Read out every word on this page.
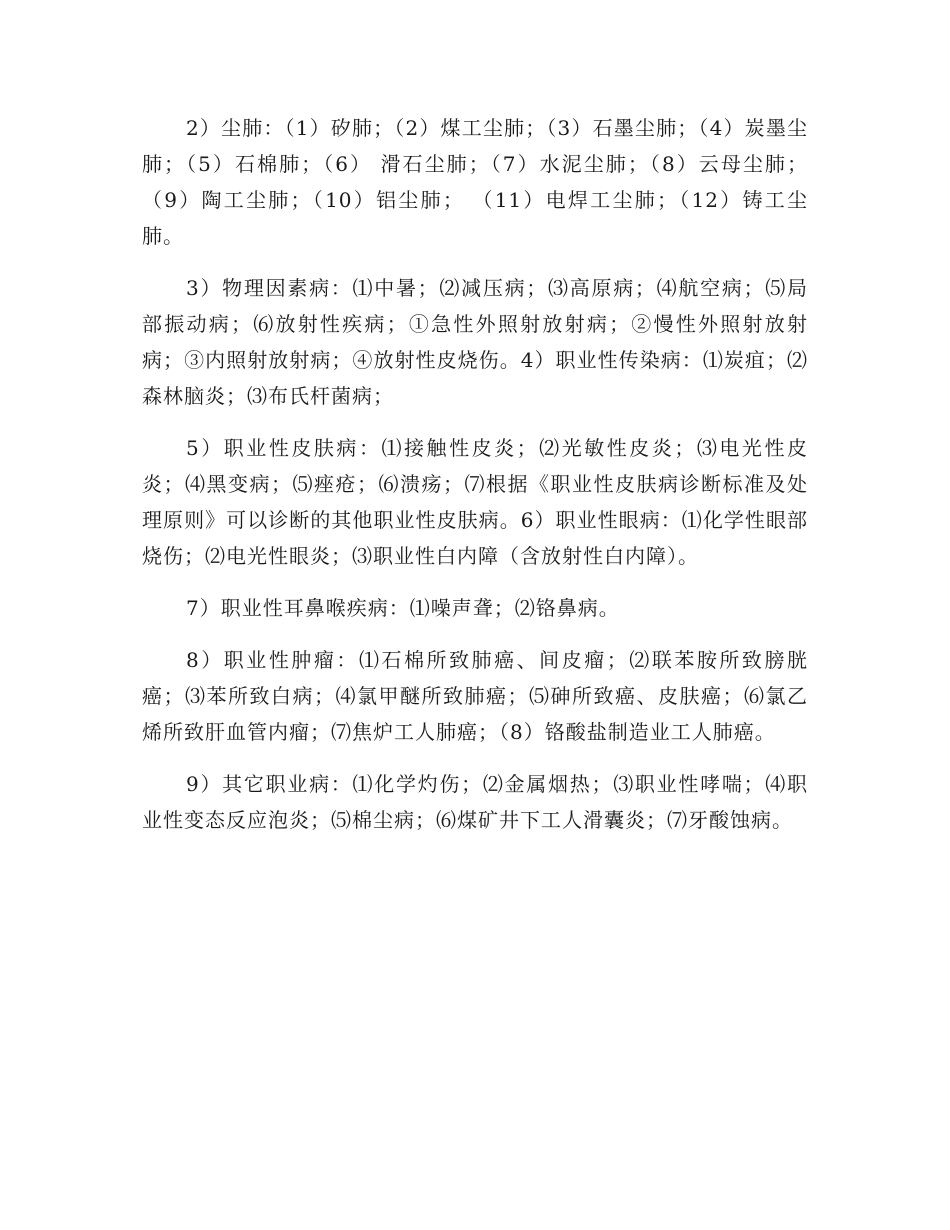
2）尘肺：（1）矽肺；（2）煤工尘肺；（3）石墨尘肺；（4）炭墨尘肺；（5）石棉肺；（6） 滑石尘肺；（7）水泥尘肺；（8）云母尘肺；（9）陶工尘肺；（10）铝尘肺； （11）电焊工尘肺；（12）铸工尘肺。

3）物理因素病：⑴中暑；⑵减压病；⑶高原病；⑷航空病；⑸局部振动病；⑹放射性疾病；①急性外照射放射病；②慢性外照射放射病；③内照射放射病；④放射性皮烧伤。4）职业性传染病：⑴炭疽；⑵森林脑炎；⑶布氏杆菌病；

5）职业性皮肤病：⑴接触性皮炎；⑵光敏性皮炎；⑶电光性皮炎；⑷黑变病；⑸痤疮；⑹溃疡；⑺根据《职业性皮肤病诊断标准及处理原则》可以诊断的其他职业性皮肤病。6）职业性眼病：⑴化学性眼部烧伤；⑵电光性眼炎；⑶职业性白内障（含放射性白内障）。

7）职业性耳鼻喉疾病：⑴噪声聋；⑵铬鼻病。

8）职业性肿瘤：⑴石棉所致肺癌、间皮瘤；⑵联苯胺所致膀胱癌；⑶苯所致白病；⑷氯甲醚所致肺癌；⑸砷所致癌、皮肤癌；⑹氯乙烯所致肝血管内瘤；⑺焦炉工人肺癌；（8）铬酸盐制造业工人肺癌。

9）其它职业病：⑴化学灼伤；⑵金属烟热；⑶职业性哮喘；⑷职业性变态反应泡炎；⑸棉尘病；⑹煤矿井下工人滑囊炎；⑺牙酸蚀病。
